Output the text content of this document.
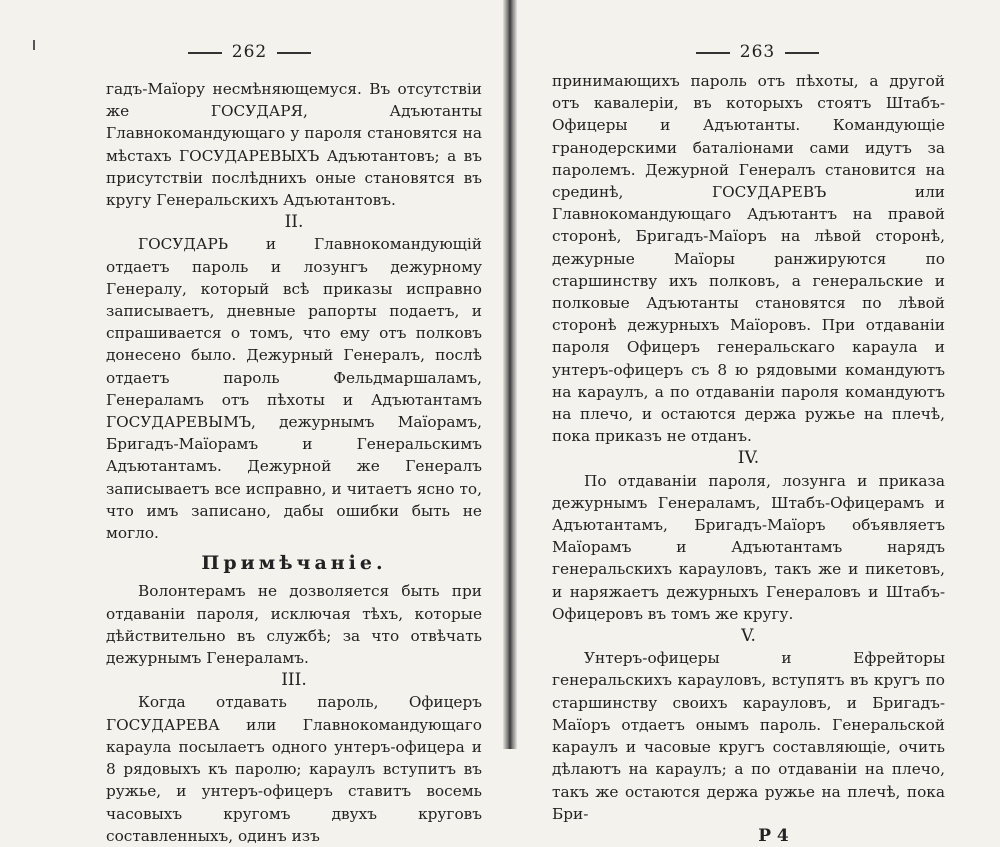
262

гадъ-Маїору несмѣняющемуся. Въ отсутствіи же ГОСУДАРЯ, Адъютанты Главнокомандующаго у пароля становятся на мѣстахъ ГОСУДАРЕВЫХЪ Адъютантовъ; а въ присутствіи послѣднихъ оные становятся въ кругу Генеральскихъ Адъютантовъ.

II.

ГОСУДАРЬ и Главнокомандующій отдаетъ пароль и лозунгъ дежурному Генералу, который всѣ приказы исправно записываетъ, дневные рапорты подаетъ, и спрашивается о томъ, что ему отъ полковъ донесено было. Дежурный Генералъ, послѣ отдаетъ пароль Фельдмаршаламъ, Генераламъ отъ пѣхоты и Адъютантамъ ГОСУДАРЕВЫМЪ, дежурнымъ Маїорамъ, Бригадъ-Маїорамъ и Генеральскимъ Адъютантамъ. Дежурной же Генералъ записываетъ все исправно, и читаетъ ясно то, что имъ записано, дабы ошибки быть не могло.

Примѣчаніе.

Волонтерамъ не дозволяется быть при отдаваніи пароля, исключая тѣхъ, которые дѣйствительно въ службѣ; за что отвѣчать дежурнымъ Генераламъ.

III.

Когда отдавать пароль, Офицеръ ГОСУДАРЕВА или Главнокомандующаго караула посылаетъ одного унтеръ-офицера и 8 рядовыхъ къ паролю; караулъ вступитъ въ ружье, и унтеръ-офицеръ ставитъ восемь часовыхъ кругомъ двухъ круговъ составленныхъ, одинъ изъ

263

принимающихъ пароль отъ пѣхоты, а другой отъ кавалеріи, въ которыхъ стоятъ Штабъ-Офицеры и Адъютанты. Командующіе гранодерскими баталіонами сами идутъ за паролемъ. Дежурной Генералъ становится на срединѣ, ГОСУДАРЕВЪ или Главнокомандующаго Адъютантъ на правой сторонѣ, Бригадъ-Маїоръ на лѣвой сторонѣ, дежурные Маїоры ранжируются по старшинству ихъ полковъ, а генеральские и полковые Адъютанты становятся по лѣвой сторонѣ дежурныхъ Маїоровъ. При отдаваніи пароля Офицеръ генеральскаго караула и унтеръ-офицеръ съ 8 ю рядовыми командуютъ на караулъ, а по отдаваніи пароля командуютъ на плечо, и остаются держа ружье на плечѣ, пока приказъ не отданъ.

IV.

По отдаваніи пароля, лозунга и приказа дежурнымъ Генераламъ, Штабъ-Офицерамъ и Адъютантамъ, Бригадъ-Маїоръ объявляетъ Маїорамъ и Адъютантамъ нарядъ генеральскихъ карауловъ, такъ же и пикетовъ, и наряжаетъ дежурныхъ Генераловъ и Штабъ-Офицеровъ въ томъ же кругу.

V.

Унтеръ-офицеры и Ефрейторы генеральскихъ карауловъ, вступятъ въ кругъ по старшинству своихъ карауловъ, и Бригадъ-Маїоръ отдаетъ онымъ пароль. Генеральской караулъ и часовые кругъ составляющіе, очить дѣлаютъ на караулъ; а по отдаваніи на плечо, такъ же остаются держа ружье на плечѣ, пока Бри-

Р 4
